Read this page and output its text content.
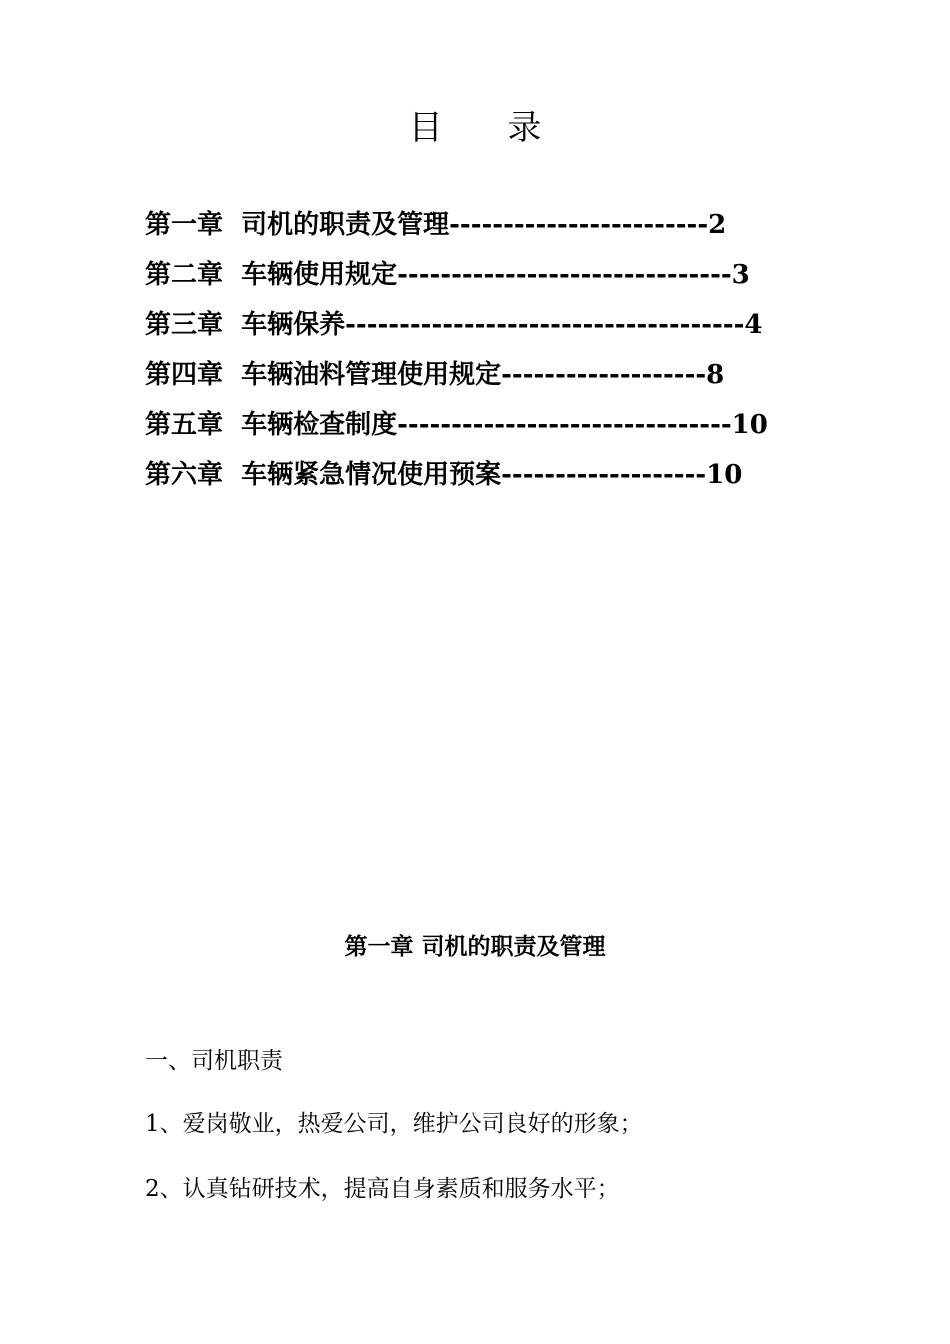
目      录
第一章 司机的职责及管理------------------------2
第二章 车辆使用规定-------------------------------3
第三章 车辆保养-------------------------------------4
第四章 车辆油料管理使用规定-------------------8
第五章 车辆检查制度-------------------------------10
第六章 车辆紧急情况使用预案-------------------10
第一章 司机的职责及管理
一、司机职责
1、爱岗敬业，热爱公司，维护公司良好的形象；
2、认真钻研技术，提高自身素质和服务水平；
